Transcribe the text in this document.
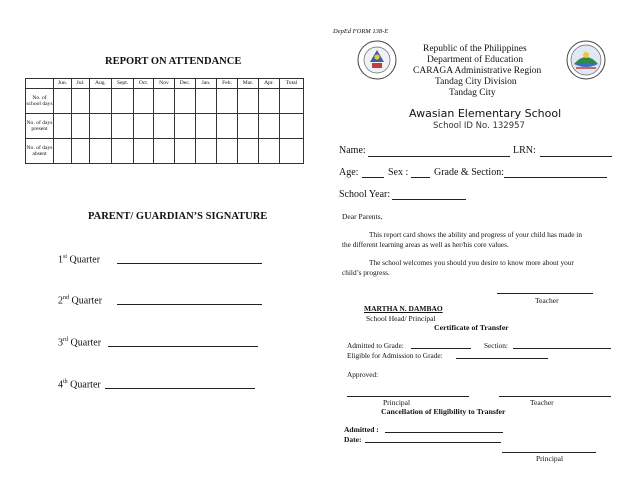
REPORT ON ATTENDANCE
	Jun.	Jul.	Aug.	Sept.	Oct.	Nov	Dec.	Jan.	Feb.	Mar.	Apr.	Total
No. of school days												
No. of days present												
No. of days absent												
PARENT/ GUARDIAN’S SIGNATURE
1st Quarter
2nd Quarter
3rd Quarter
4th Quarter
DepEd FORM 138-E
Republic of the Philippines
Department of Education
CARAGA Administrative Region
Tandag City Division
Tandag City
Awasian Elementary School
School ID No. 132957
Name:	LRN:
Age:	Sex :	Grade & Section:
School Year:
Dear Parents,
This report card shows the ability and progress of your child has made in
the different learning areas as well as her/his core values.
The school welcomes you should you desire to know more about your
child’s progress.
Teacher
MARTHA N. DAMBAO
School Head/ Principal
Certificate of Transfer
Admitted to Grade:	Section:
Eligible for Admission to Grade:
Approved:
Principal	Teacher
Cancellation of Eligibility to Transfer
Admitted :
Date:
Principal
